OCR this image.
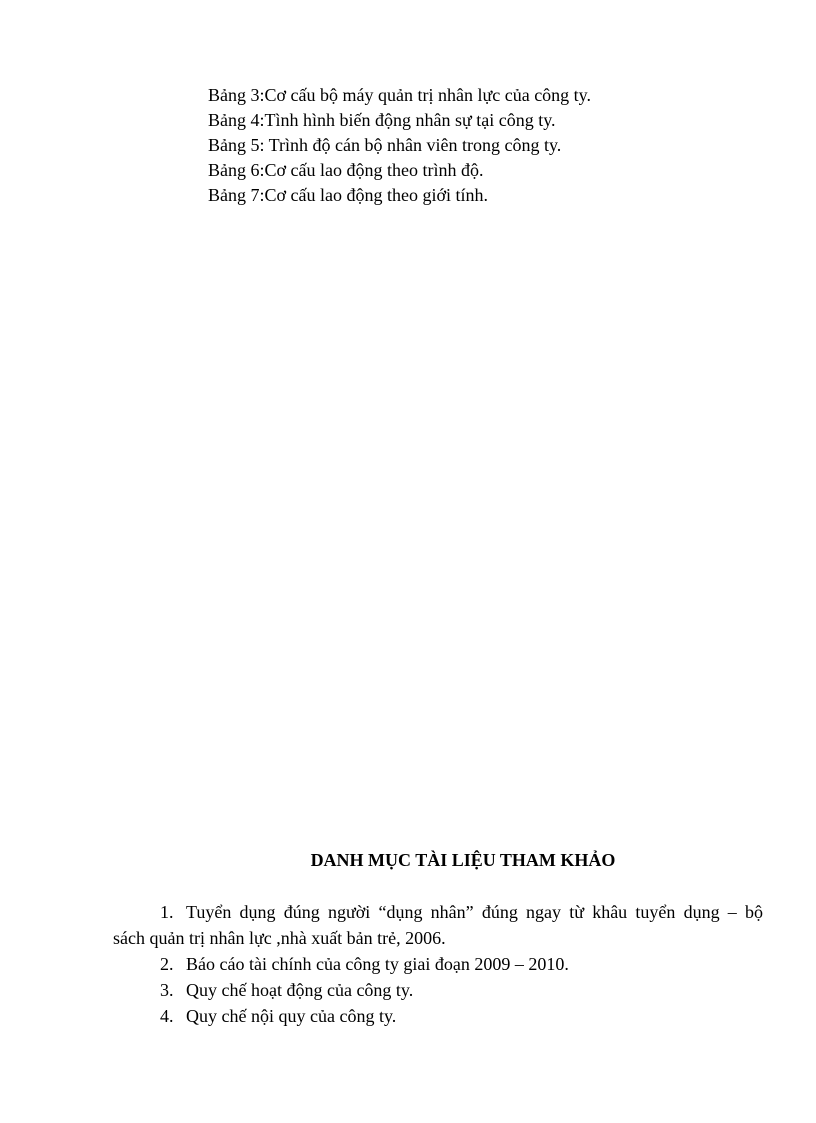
Bảng 3:Cơ cấu bộ máy quản trị nhân lực của công ty.
Bảng 4:Tình hình biến động nhân sự tại công ty.
Bảng 5: Trình độ cán bộ nhân viên trong công ty.
Bảng 6:Cơ cấu lao động theo trình độ.
Bảng 7:Cơ cấu lao động theo giới tính.
DANH MỤC TÀI LIỆU THAM KHẢO
1. Tuyển dụng đúng người “dụng nhân” đúng ngay từ khâu tuyển dụng – bộ
sách quản trị nhân lực ,nhà xuất bản trẻ, 2006.
2. Báo cáo tài chính của công ty giai đoạn 2009 – 2010.
3. Quy chế hoạt động của công ty.
4. Quy chế nội quy của công ty.
